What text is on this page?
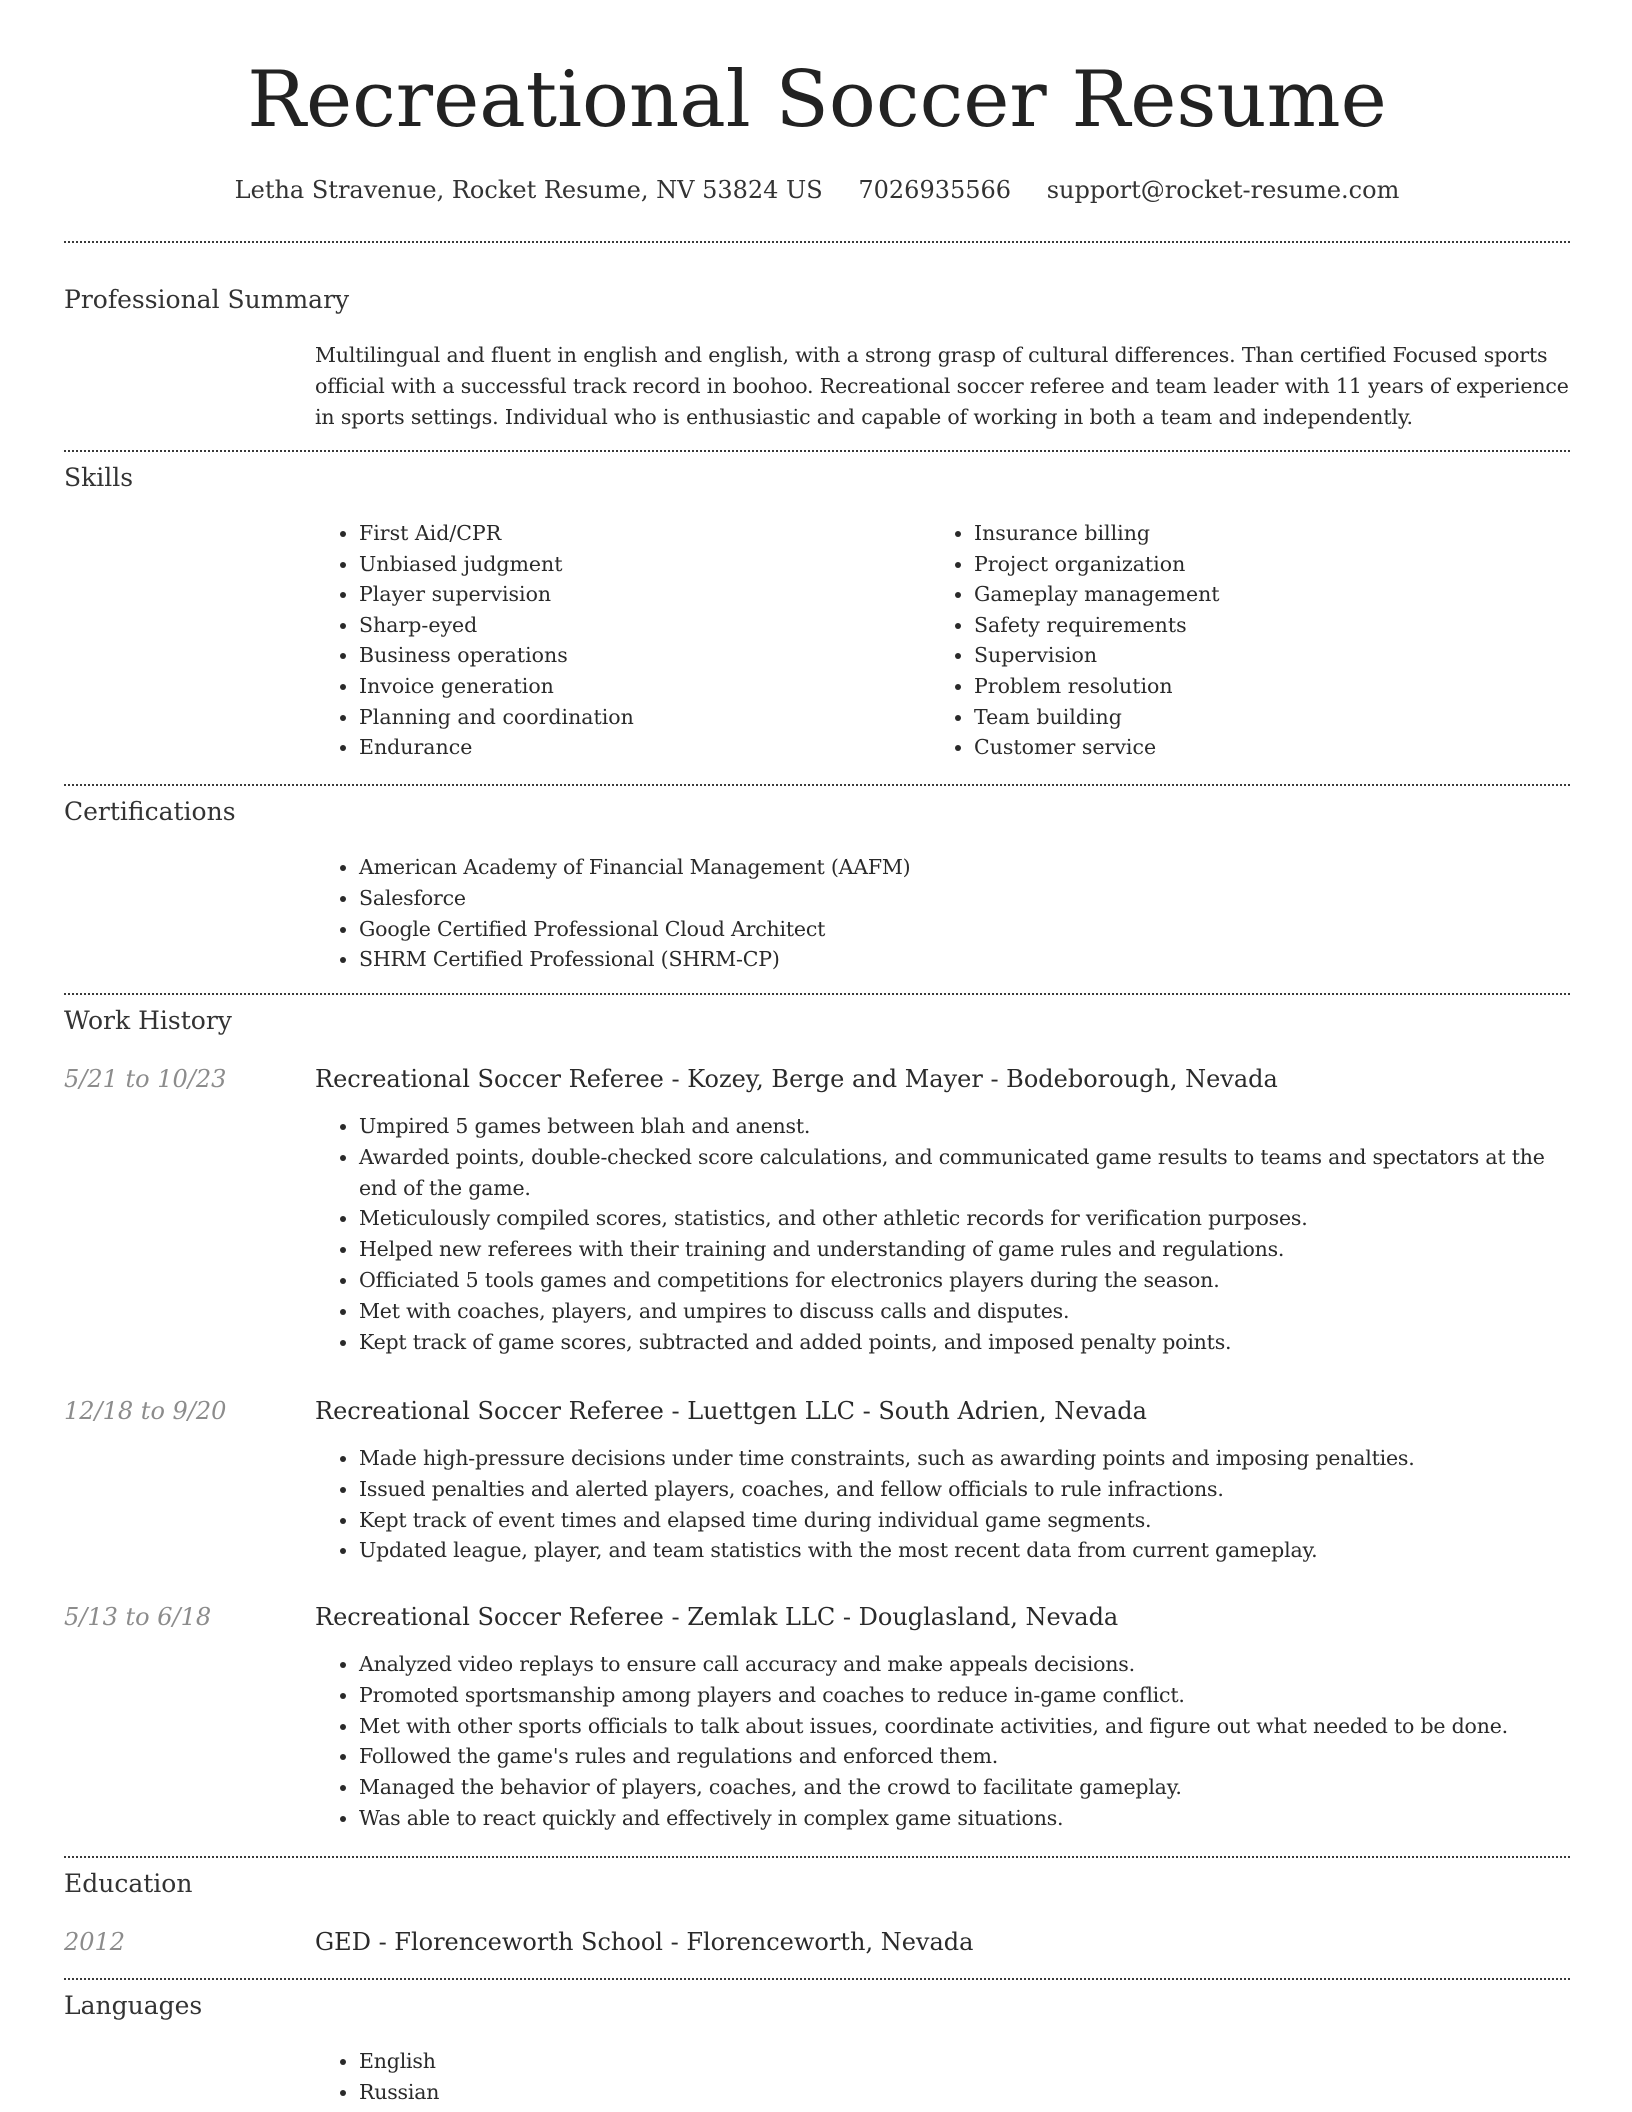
Recreational Soccer Resume
Letha Stravenue, Rocket Resume, NV 53824 US 7026935566 support@rocket-resume.com
Professional Summary
Multilingual and fluent in english and english, with a strong grasp of cultural differences. Than certified Focused sports official with a successful track record in boohoo. Recreational soccer referee and team leader with 11 years of experience in sports settings. Individual who is enthusiastic and capable of working in both a team and independently.
Skills
• First Aid/CPR
• Unbiased judgment
• Player supervision
• Sharp-eyed
• Business operations
• Invoice generation
• Planning and coordination
• Endurance
• Insurance billing
• Project organization
• Gameplay management
• Safety requirements
• Supervision
• Problem resolution
• Team building
• Customer service
Certifications
• American Academy of Financial Management (AAFM)
• Salesforce
• Google Certified Professional Cloud Architect
• SHRM Certified Professional (SHRM-CP)
Work History
5/21 to 10/23	Recreational Soccer Referee - Kozey, Berge and Mayer - Bodeborough, Nevada
• Umpired 5 games between blah and anenst.
• Awarded points, double-checked score calculations, and communicated game results to teams and spectators at the end of the game.
• Meticulously compiled scores, statistics, and other athletic records for verification purposes.
• Helped new referees with their training and understanding of game rules and regulations.
• Officiated 5 tools games and competitions for electronics players during the season.
• Met with coaches, players, and umpires to discuss calls and disputes.
• Kept track of game scores, subtracted and added points, and imposed penalty points.
12/18 to 9/20	Recreational Soccer Referee - Luettgen LLC - South Adrien, Nevada
• Made high-pressure decisions under time constraints, such as awarding points and imposing penalties.
• Issued penalties and alerted players, coaches, and fellow officials to rule infractions.
• Kept track of event times and elapsed time during individual game segments.
• Updated league, player, and team statistics with the most recent data from current gameplay.
5/13 to 6/18	Recreational Soccer Referee - Zemlak LLC - Douglasland, Nevada
• Analyzed video replays to ensure call accuracy and make appeals decisions.
• Promoted sportsmanship among players and coaches to reduce in-game conflict.
• Met with other sports officials to talk about issues, coordinate activities, and figure out what needed to be done.
• Followed the game's rules and regulations and enforced them.
• Managed the behavior of players, coaches, and the crowd to facilitate gameplay.
• Was able to react quickly and effectively in complex game situations.
Education
2012	GED - Florenceworth School - Florenceworth, Nevada
Languages
• English
• Russian
